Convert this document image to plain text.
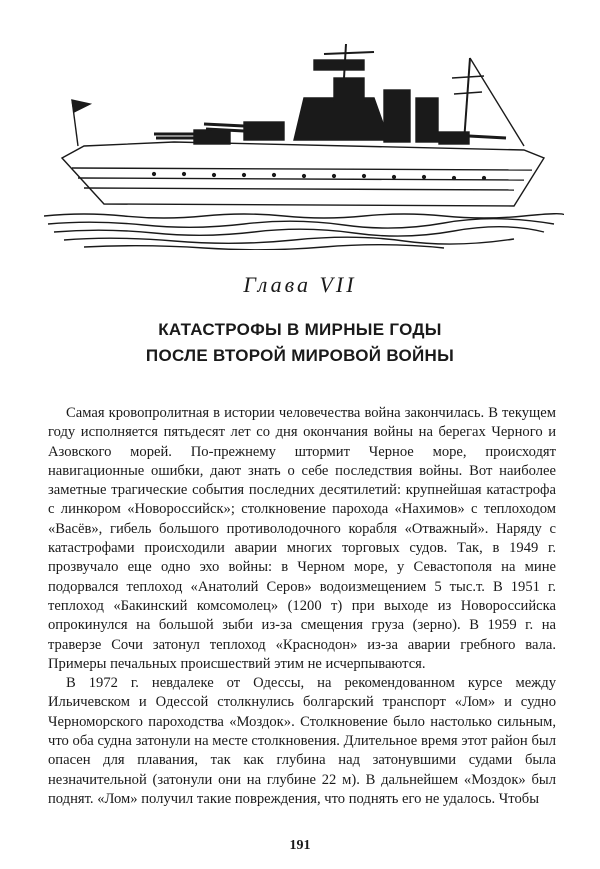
Глава VII
КАТАСТРОФЫ В МИРНЫЕ ГОДЫ
ПОСЛЕ ВТОРОЙ МИРОВОЙ ВОЙНЫ

Самая кровопролитная в истории человечества война закончилась. В текущем году исполняется пятьдесят лет со дня окончания войны на берегах Черного и Азовского морей. По-прежнему штормит Черное море, происходят навигационные ошибки, дают знать о себе последствия войны. Вот наиболее заметные трагические события последних десятилетий: крупнейшая катастрофа с линкором «Новороссийск»; столкновение парохода «Нахимов» с теплоходом «Васёв», гибель большого противолодочного корабля «Отважный». Наряду с катастрофами происходили аварии многих торговых судов. Так, в 1949 г. прозвучало еще одно эхо войны: в Черном море, у Севастополя на мине подорвался теплоход «Анатолий Серов» водоизмещением 5 тыс.т. В 1951 г. теплоход «Бакинский комсомолец» (1200 т) при выходе из Новороссийска опрокинулся на большой зыби из-за смещения груза (зерно). В 1959 г. на траверзе Сочи затонул теплоход «Краснодон» из-за аварии гребного вала. Примеры печальных происшествий этим не исчерпываются.

В 1972 г. невдалеке от Одессы, на рекомендованном курсе между Ильичевском и Одессой столкнулись болгарский транспорт «Лом» и судно Черноморского пароходства «Моздок». Столкновение было настолько сильным, что оба судна затонули на месте столкновения. Длительное время этот район был опасен для плавания, так как глубина над затонувшими судами была незначительной (затонули они на глубине 22 м). В дальнейшем «Моздок» был поднят. «Лом» получил такие повреждения, что поднять его не удалось. Чтобы

191
